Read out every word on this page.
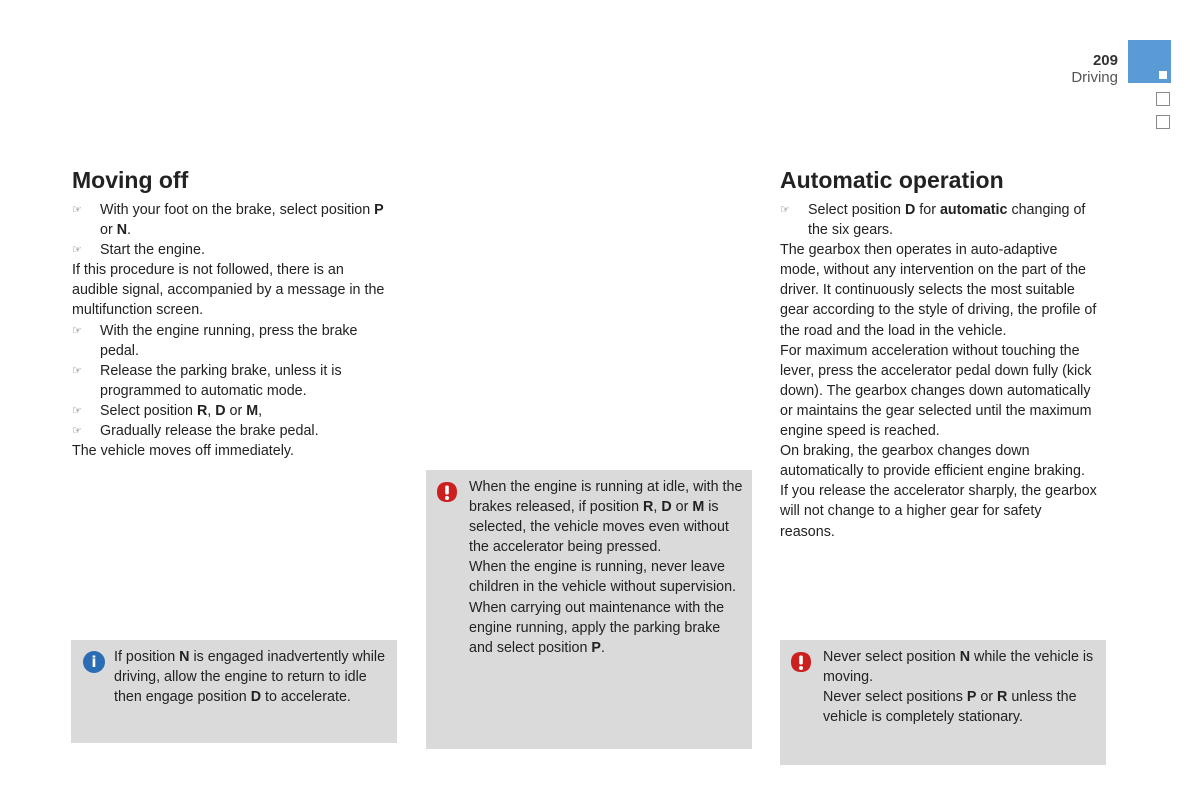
209
Driving
Moving off

☞ With your foot on the brake, select position P or N.

☞ Start the engine.

If this procedure is not followed, there is an audible signal, accompanied by a message in the multifunction screen.

☞ With the engine running, press the brake pedal.

☞ Release the parking brake, unless it is programmed to automatic mode.

☞ Select position R, D or M,

☞ Gradually release the brake pedal.

The vehicle moves off immediately.

Automatic operation

☞ Select position D for automatic changing of the six gears.

The gearbox then operates in auto-adaptive mode, without any intervention on the part of the driver. It continuously selects the most suitable gear according to the style of driving, the profile of the road and the load in the vehicle.

For maximum acceleration without touching the lever, press the accelerator pedal down fully (kick down). The gearbox changes down automatically or maintains the gear selected until the maximum engine speed is reached.

On braking, the gearbox changes down automatically to provide efficient engine braking.

If you release the accelerator sharply, the gearbox will not change to a higher gear for safety reasons.

i	If position N is engaged inadvertently while driving, allow the engine to return to idle then engage position D to accelerate.

When the engine is running at idle, with the brakes released, if position R, D or M is selected, the vehicle moves even without the accelerator being pressed.

When the engine is running, never leave children in the vehicle without supervision.

When carrying out maintenance with the engine running, apply the parking brake and select position P.

Never select position N while the vehicle is moving.

Never select positions P or R unless the vehicle is completely stationary.
